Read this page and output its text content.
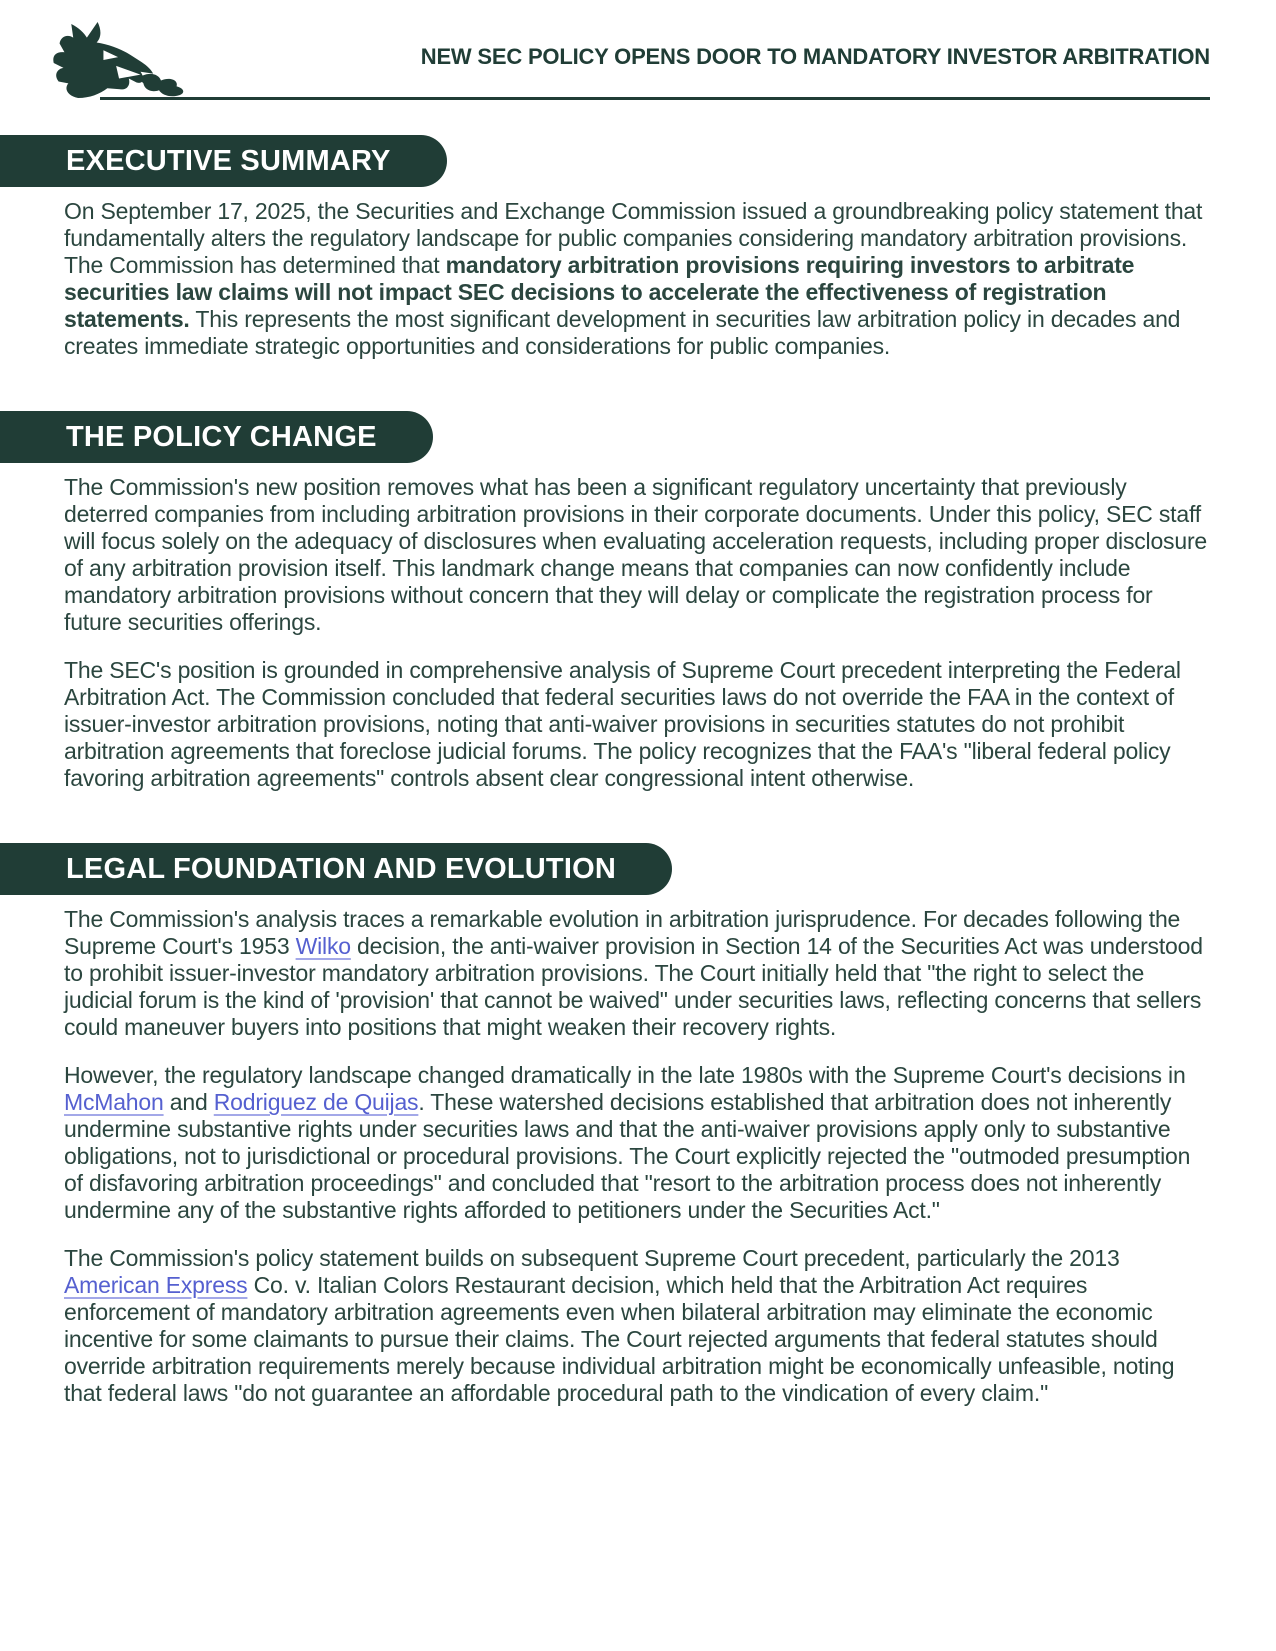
NEW SEC POLICY OPENS DOOR TO MANDATORY INVESTOR ARBITRATION
EXECUTIVE SUMMARY

On September 17, 2025, the Securities and Exchange Commission issued a groundbreaking policy statement that fundamentally alters the regulatory landscape for public companies considering mandatory arbitration provisions. The Commission has determined that mandatory arbitration provisions requiring investors to arbitrate securities law claims will not impact SEC decisions to accelerate the effectiveness of registration statements. This represents the most significant development in securities law arbitration policy in decades and creates immediate strategic opportunities and considerations for public companies.

THE POLICY CHANGE

The Commission's new position removes what has been a significant regulatory uncertainty that previously deterred companies from including arbitration provisions in their corporate documents. Under this policy, SEC staff will focus solely on the adequacy of disclosures when evaluating acceleration requests, including proper disclosure of any arbitration provision itself. This landmark change means that companies can now confidently include mandatory arbitration provisions without concern that they will delay or complicate the registration process for future securities offerings.

The SEC's position is grounded in comprehensive analysis of Supreme Court precedent interpreting the Federal Arbitration Act. The Commission concluded that federal securities laws do not override the FAA in the context of issuer-investor arbitration provisions, noting that anti-waiver provisions in securities statutes do not prohibit arbitration agreements that foreclose judicial forums. The policy recognizes that the FAA's "liberal federal policy favoring arbitration agreements" controls absent clear congressional intent otherwise.

LEGAL FOUNDATION AND EVOLUTION

The Commission's analysis traces a remarkable evolution in arbitration jurisprudence. For decades following the Supreme Court's 1953 Wilko decision, the anti-waiver provision in Section 14 of the Securities Act was understood to prohibit issuer-investor mandatory arbitration provisions. The Court initially held that "the right to select the judicial forum is the kind of 'provision' that cannot be waived" under securities laws, reflecting concerns that sellers could maneuver buyers into positions that might weaken their recovery rights.

However, the regulatory landscape changed dramatically in the late 1980s with the Supreme Court's decisions in McMahon and Rodriguez de Quijas. These watershed decisions established that arbitration does not inherently undermine substantive rights under securities laws and that the anti-waiver provisions apply only to substantive obligations, not to jurisdictional or procedural provisions. The Court explicitly rejected the "outmoded presumption of disfavoring arbitration proceedings" and concluded that "resort to the arbitration process does not inherently undermine any of the substantive rights afforded to petitioners under the Securities Act."

The Commission's policy statement builds on subsequent Supreme Court precedent, particularly the 2013 American Express Co. v. Italian Colors Restaurant decision, which held that the Arbitration Act requires enforcement of mandatory arbitration agreements even when bilateral arbitration may eliminate the economic incentive for some claimants to pursue their claims. The Court rejected arguments that federal statutes should override arbitration requirements merely because individual arbitration might be economically unfeasible, noting that federal laws "do not guarantee an affordable procedural path to the vindication of every claim."
